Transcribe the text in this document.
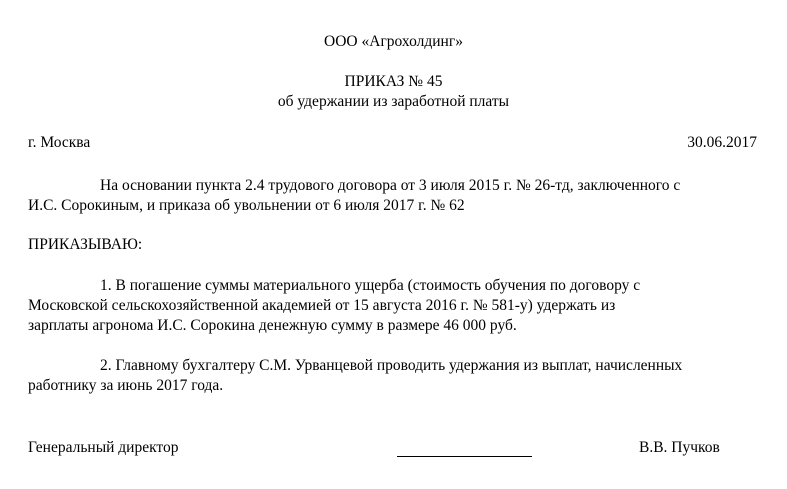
ООО «Агрохолдинг»
ПРИКАЗ № 45
об удержании из заработной платы
г. Москва	30.06.2017
На основании пункта 2.4 трудового договора от 3 июля 2015 г. № 26-тд, заключенного с
И.С. Сорокиным, и приказа об увольнении от 6 июля 2017 г. № 62
ПРИКАЗЫВАЮ:
1. В погашение суммы материального ущерба (стоимость обучения по договору с
Московской сельскохозяйственной академией от 15 августа 2016 г. № 581-у) удержать из
зарплаты агронома И.С. Сорокина денежную сумму в размере 46 000 руб.
2. Главному бухгалтеру С.М. Урванцевой проводить удержания из выплат, начисленных
работнику за июнь 2017 года.
Генеральный директор	В.В. Пучков
